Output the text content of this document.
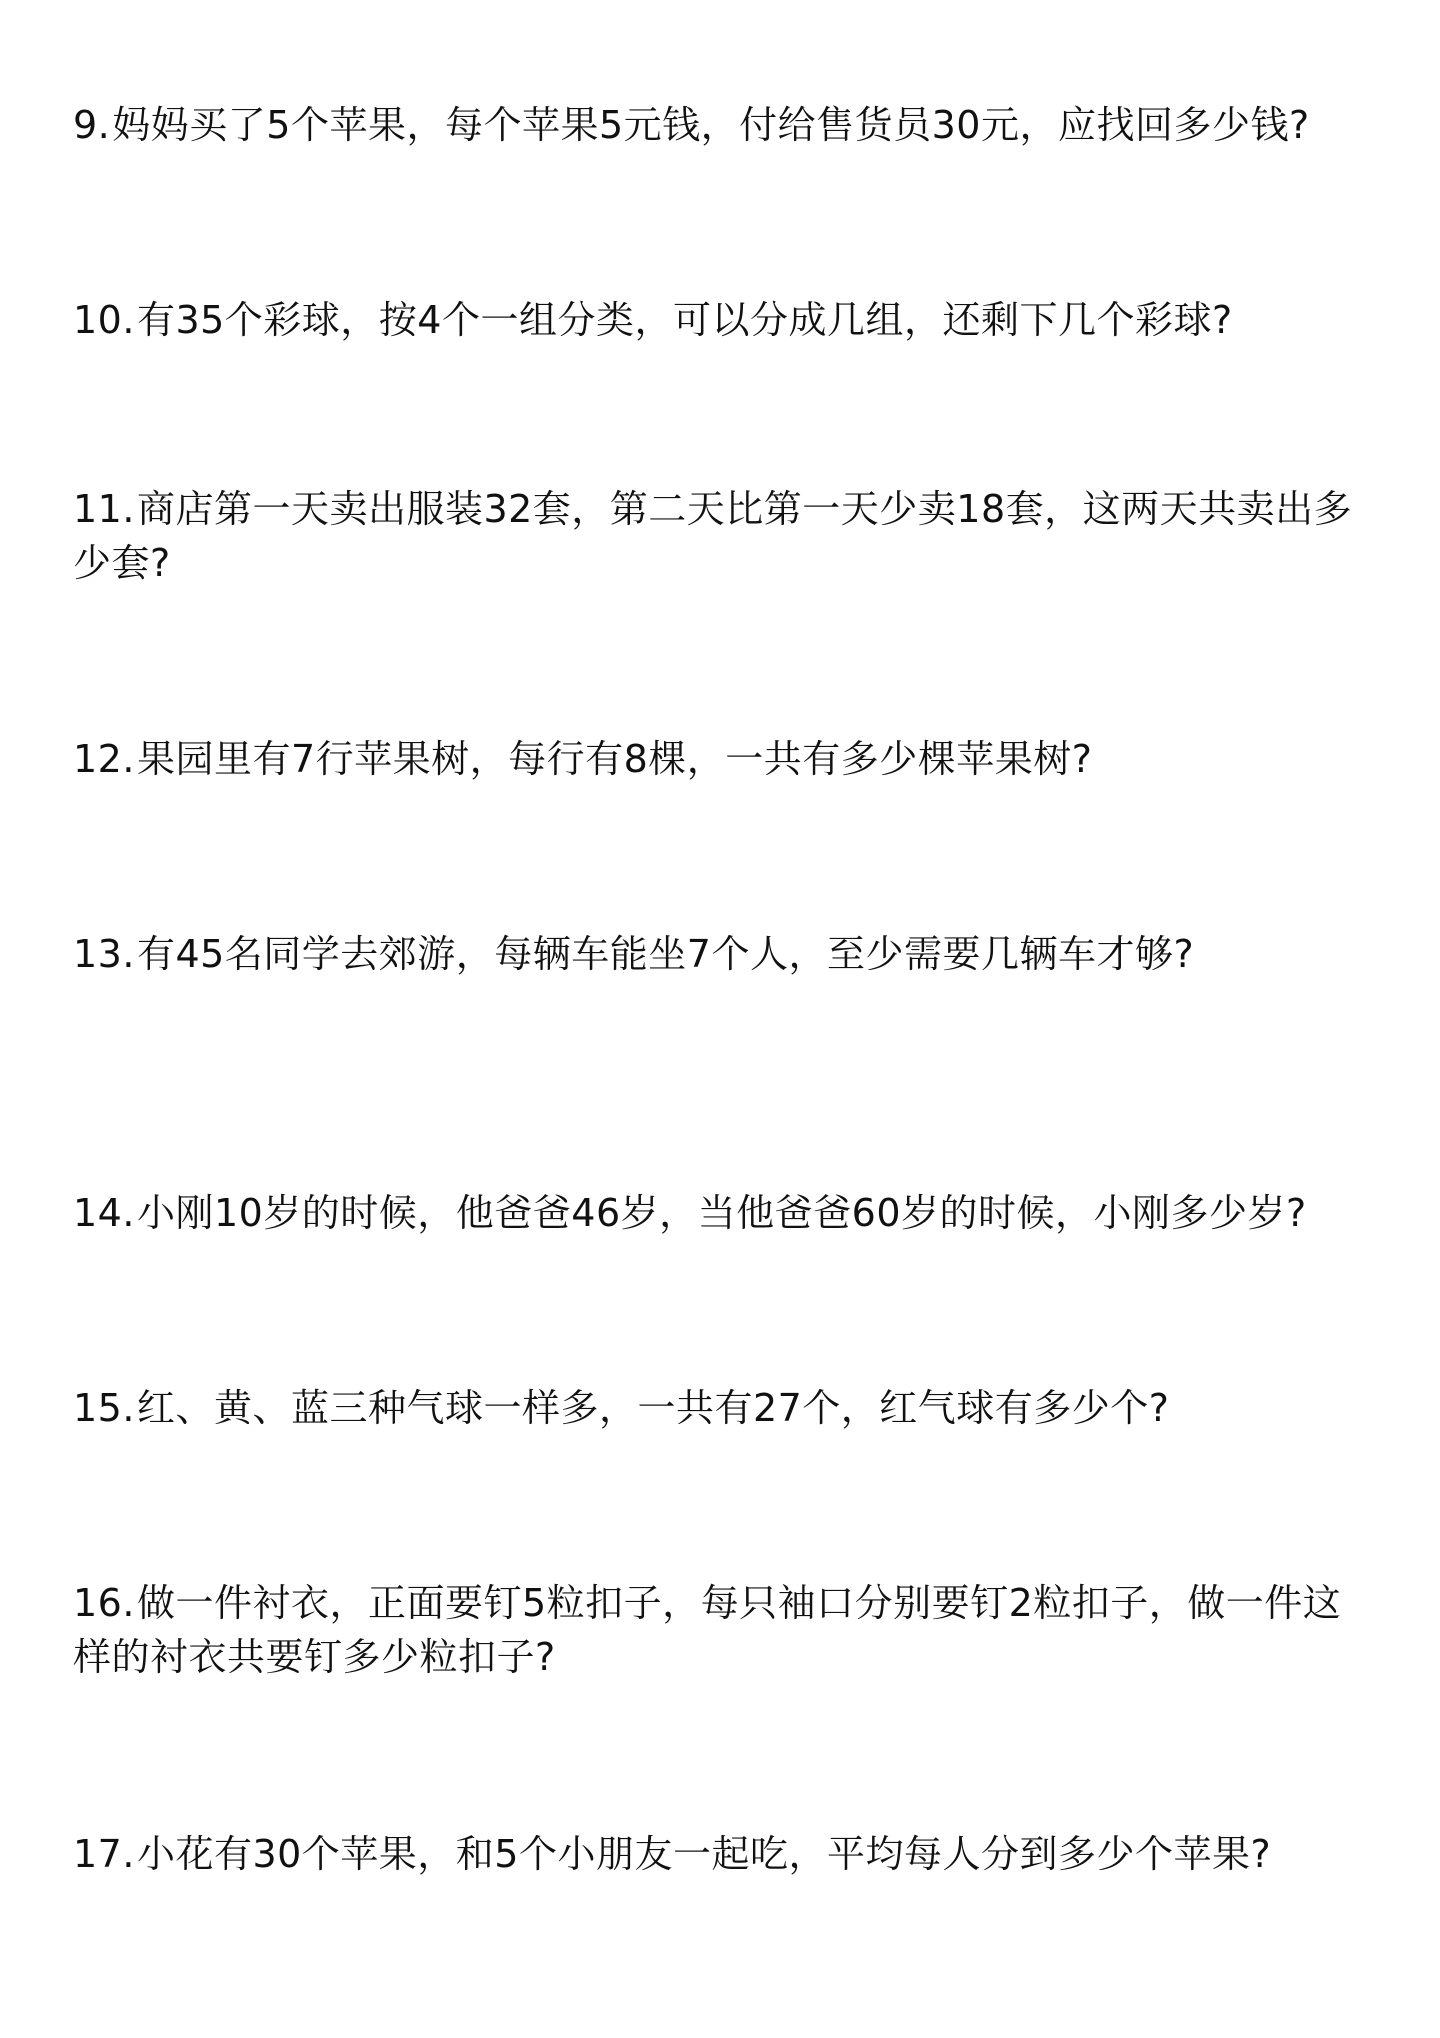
9.妈妈买了5个苹果，每个苹果5元钱，付给售货员30元，应找回多少钱?
10.有35个彩球，按4个一组分类，可以分成几组，还剩下几个彩球?
11.商店第一天卖出服装32套，第二天比第一天少卖18套，这两天共卖出多少套?
12.果园里有7行苹果树，每行有8棵，一共有多少棵苹果树?
13.有45名同学去郊游，每辆车能坐7个人，至少需要几辆车才够?
14.小刚10岁的时候，他爸爸46岁，当他爸爸60岁的时候，小刚多少岁?
15.红、黄、蓝三种气球一样多，一共有27个，红气球有多少个?
16.做一件衬衣，正面要钉5粒扣子，每只袖口分别要钉2粒扣子，做一件这样的衬衣共要钉多少粒扣子?
17.小花有30个苹果，和5个小朋友一起吃，平均每人分到多少个苹果?
